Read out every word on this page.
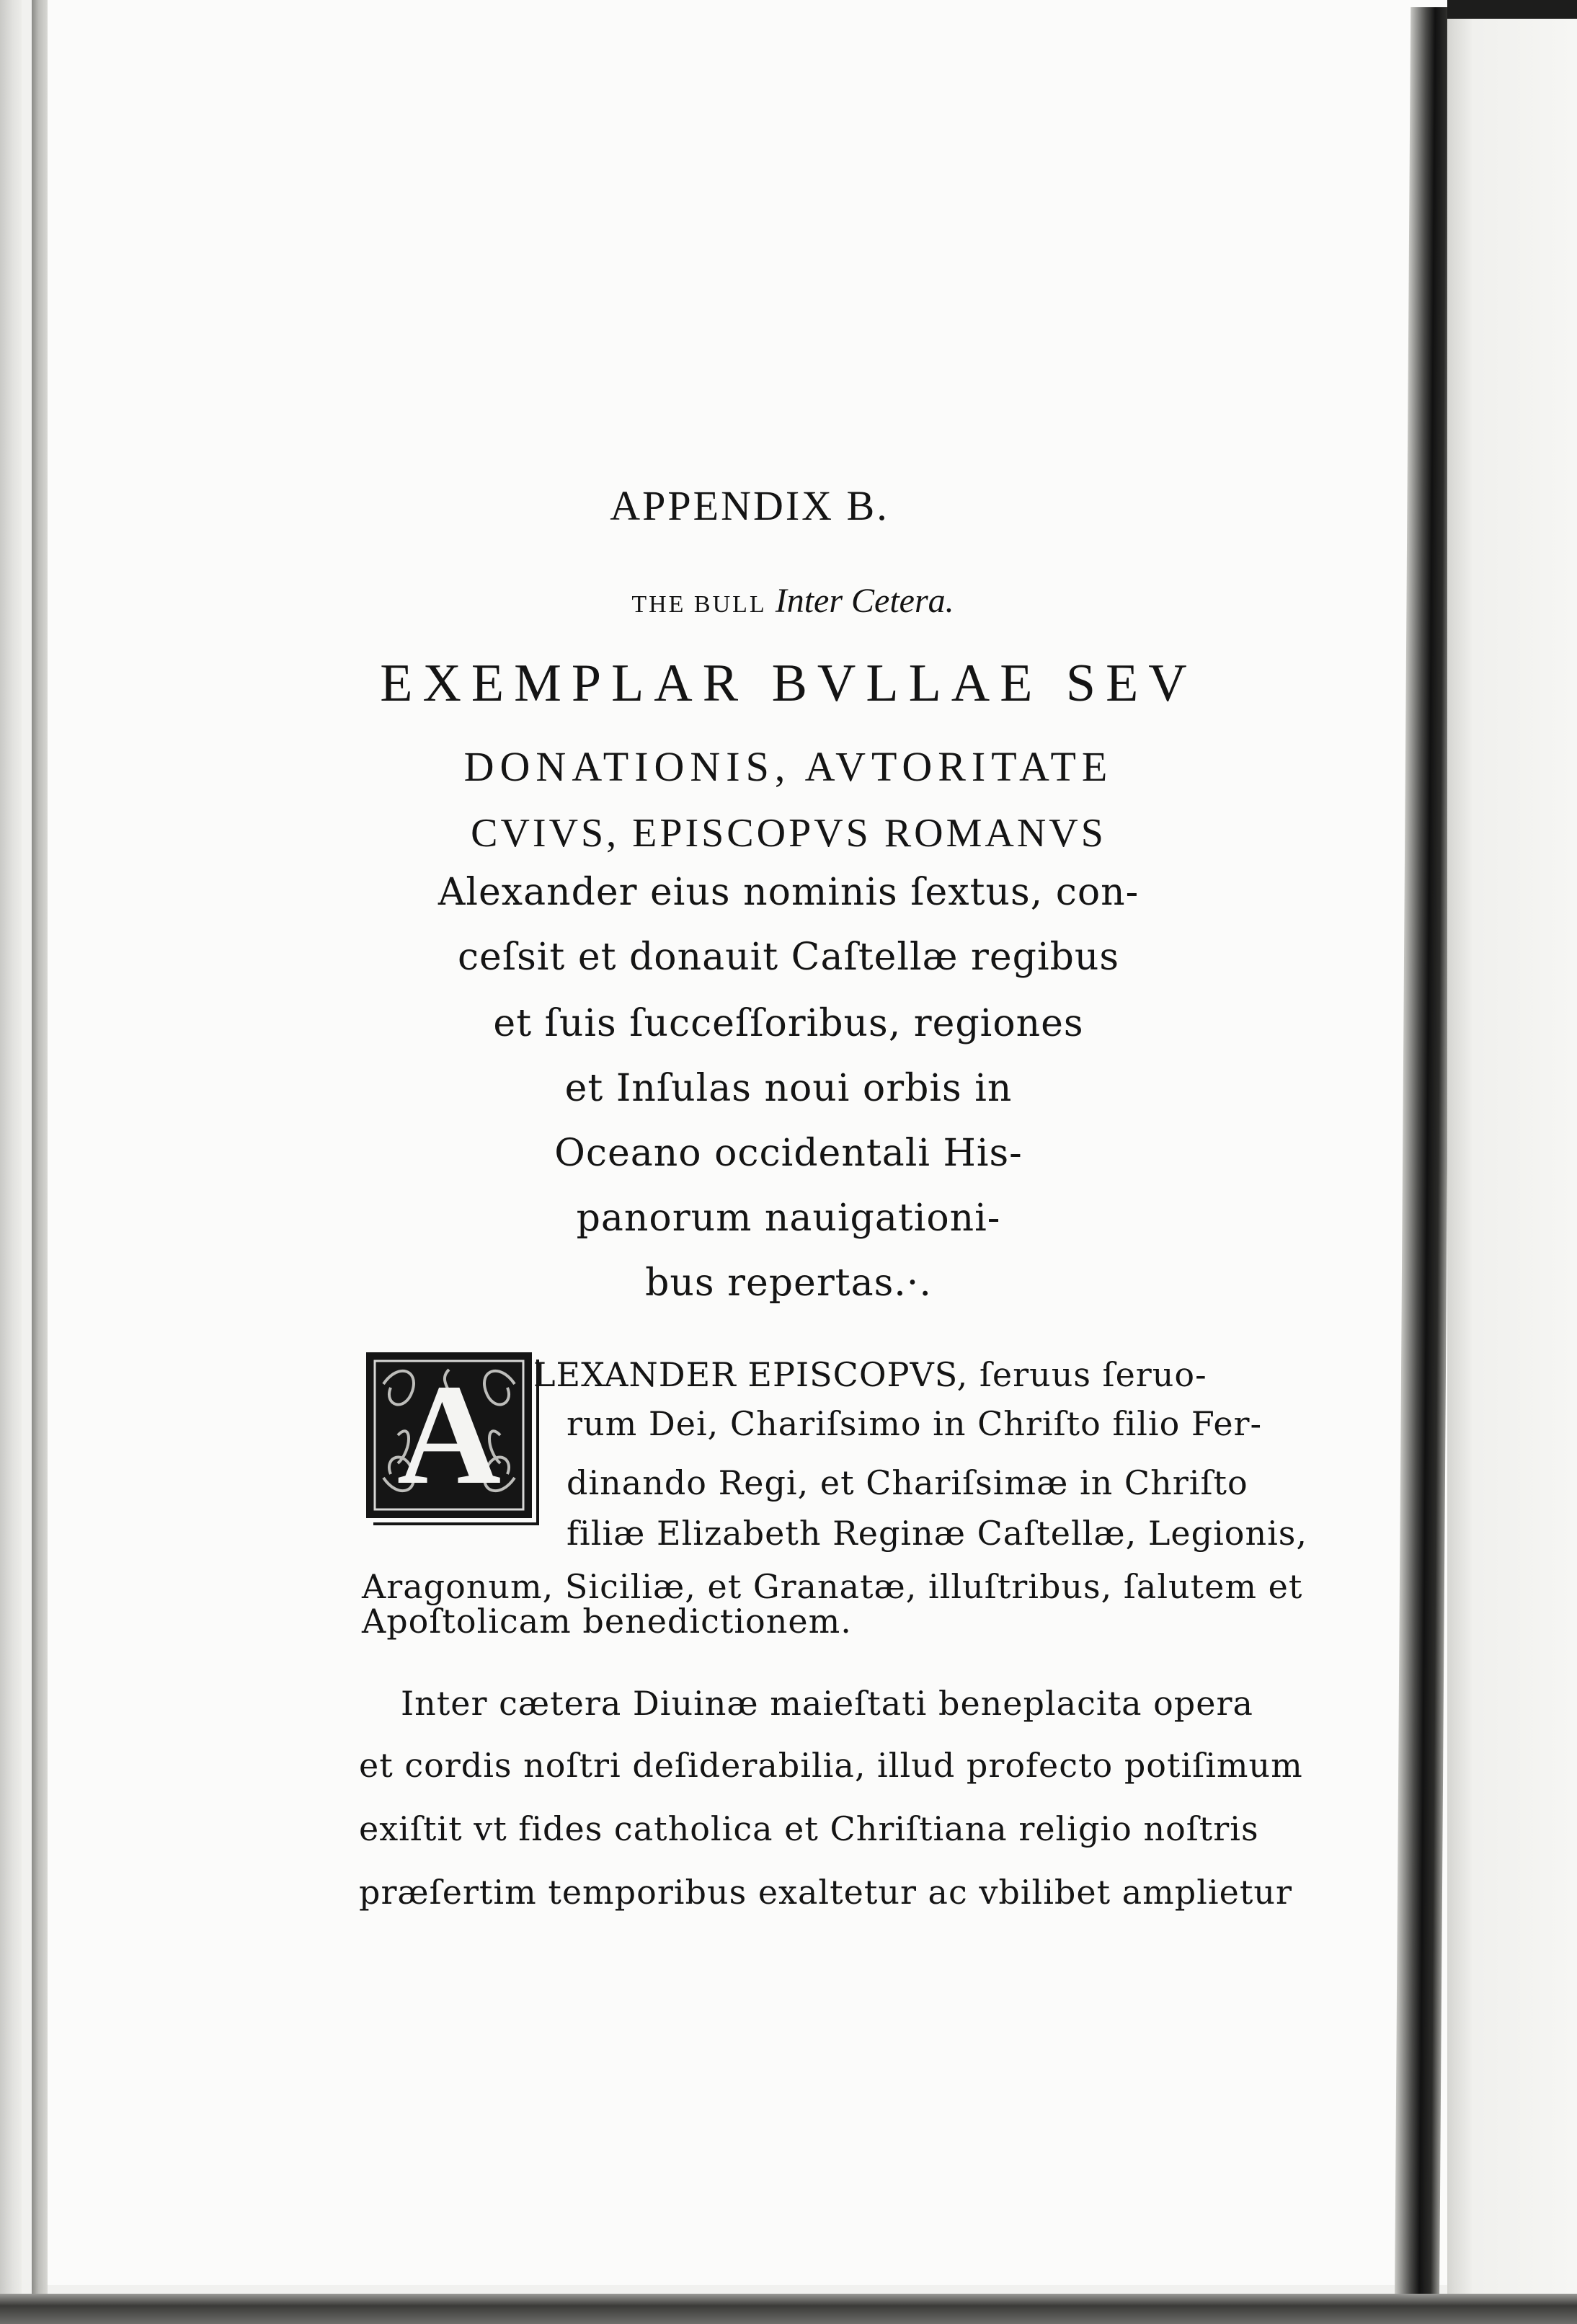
APPENDIX B.
THE BULL Inter Cetera.
EXEMPLAR BVLLAE SEV
DONATIONIS, AVTORITATE
CVIVS, EPISCOPVS ROMANVS
Alexander eius nominis ſextus, con-
ceſsit et donauit Caſtellæ regibus
et ſuis ſucceſſoribus, regiones
et Inſulas noui orbis in
Oceano occidentali His-
panorum nauigationi-
bus repertas.·.
A LEXANDER EPISCOPVS, ſeruus ſeruo-
rum Dei, Chariſsimo in Chriſto filio Fer-
dinando Regi, et Chariſsimæ in Chriſto
filiæ Elizabeth Reginæ Caſtellæ, Legionis,
Aragonum, Siciliæ, et Granatæ, illuſtribus, ſalutem et
Apoſtolicam benedictionem.
Inter cætera Diuinæ maieſtati beneplacita opera
et cordis noſtri deſiderabilia, illud profecto potiſimum
exiſtit vt fides catholica et Chriſtiana religio noſtris
præſertim temporibus exaltetur ac vbilibet amplietur
